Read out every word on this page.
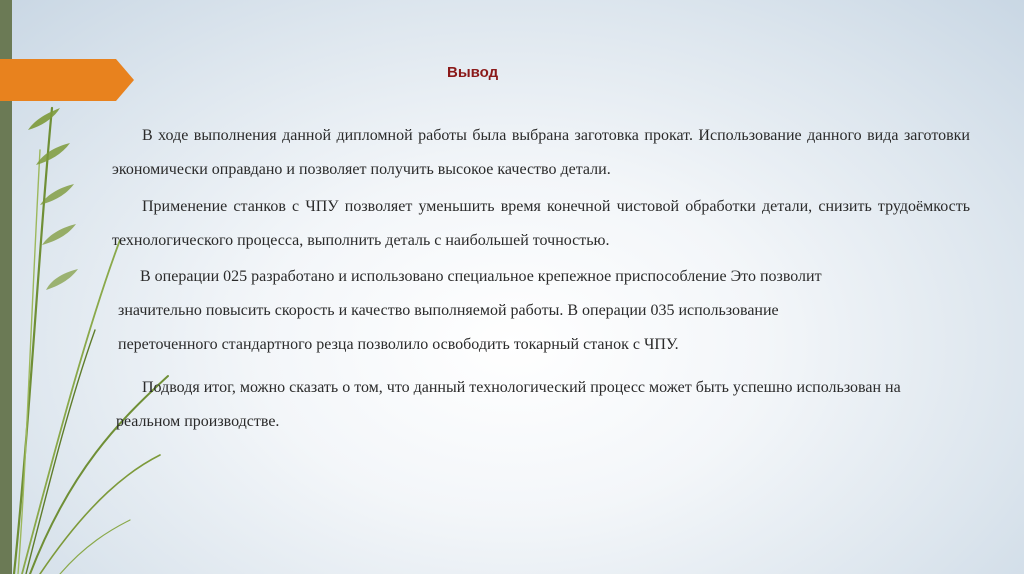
Вывод

В ходе выполнения данной дипломной работы была выбрана заготовка прокат. Использование данного вида заготовки экономически оправдано и позволяет получить высокое качество детали.

Применение станков с ЧПУ позволяет уменьшить время конечной чистовой обработки детали, снизить трудоёмкость технологического процесса, выполнить деталь с наибольшей точностью.

В операции 025 разработано и использовано специальное крепежное приспособление Это позволит значительно повысить скорость и качество выполняемой работы. В операции 035 использование переточенного стандартного резца позволило освободить токарный станок с ЧПУ.

Подводя итог, можно сказать о том, что данный технологический процесс может быть успешно использован на реальном производстве.
